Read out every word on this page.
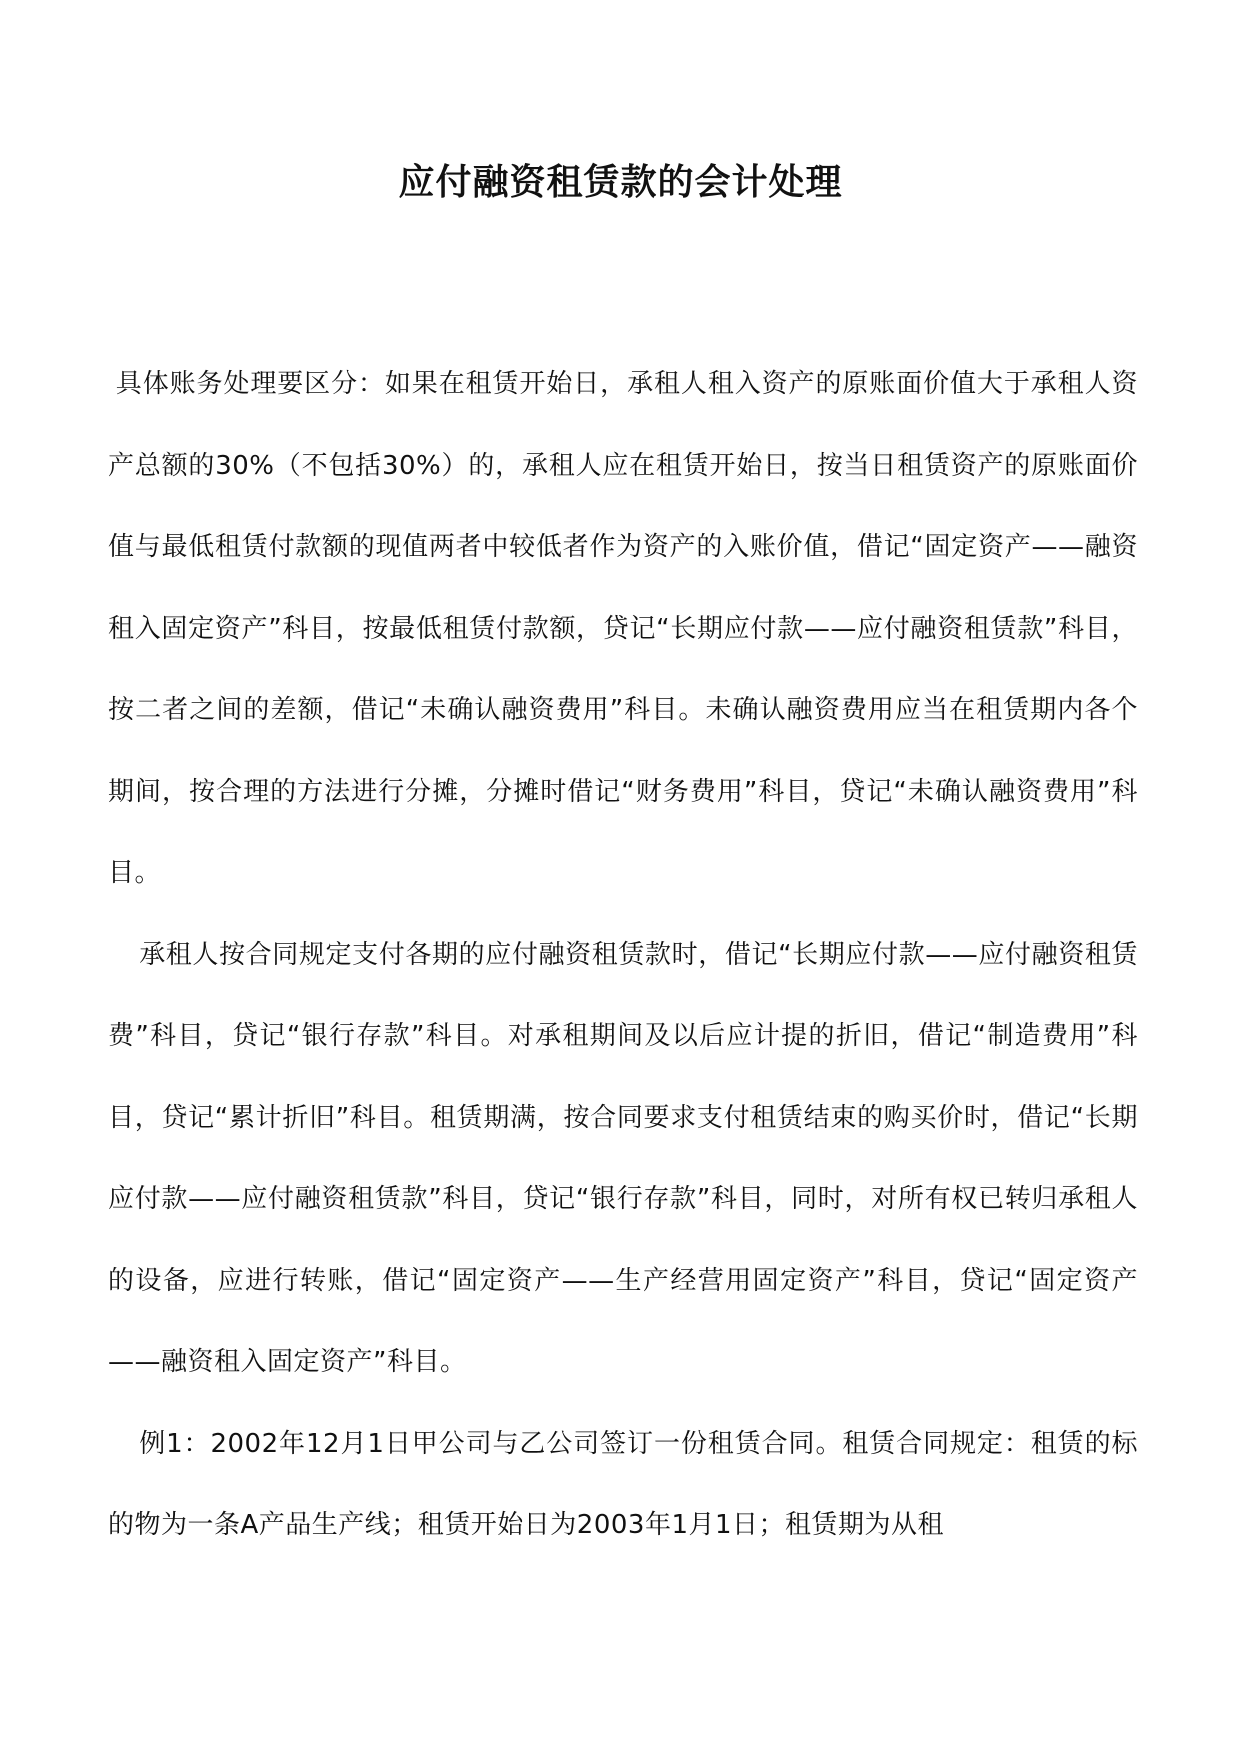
应付融资租赁款的会计处理

具体账务处理要区分：如果在租赁开始日，承租人租入资产的原账面价值大于承租人资产总额的30%（不包括30%）的，承租人应在租赁开始日，按当日租赁资产的原账面价值与最低租赁付款额的现值两者中较低者作为资产的入账价值，借记“固定资产——融资租入固定资产”科目，按最低租赁付款额，贷记“长期应付款——应付融资租赁款”科目，按二者之间的差额，借记“未确认融资费用”科目。未确认融资费用应当在租赁期内各个期间，按合理的方法进行分摊，分摊时借记“财务费用”科目，贷记“未确认融资费用”科目。

承租人按合同规定支付各期的应付融资租赁款时，借记“长期应付款——应付融资租赁费”科目，贷记“银行存款”科目。对承租期间及以后应计提的折旧，借记“制造费用”科目，贷记“累计折旧”科目。租赁期满，按合同要求支付租赁结束的购买价时，借记“长期应付款——应付融资租赁款”科目，贷记“银行存款”科目，同时，对所有权已转归承租人的设备，应进行转账，借记“固定资产——生产经营用固定资产”科目，贷记“固定资产——融资租入固定资产”科目。

例1：2002年12月1日甲公司与乙公司签订一份租赁合同。租赁合同规定：租赁的标的物为一条A产品生产线；租赁开始日为2003年1月1日；租赁期为从租
